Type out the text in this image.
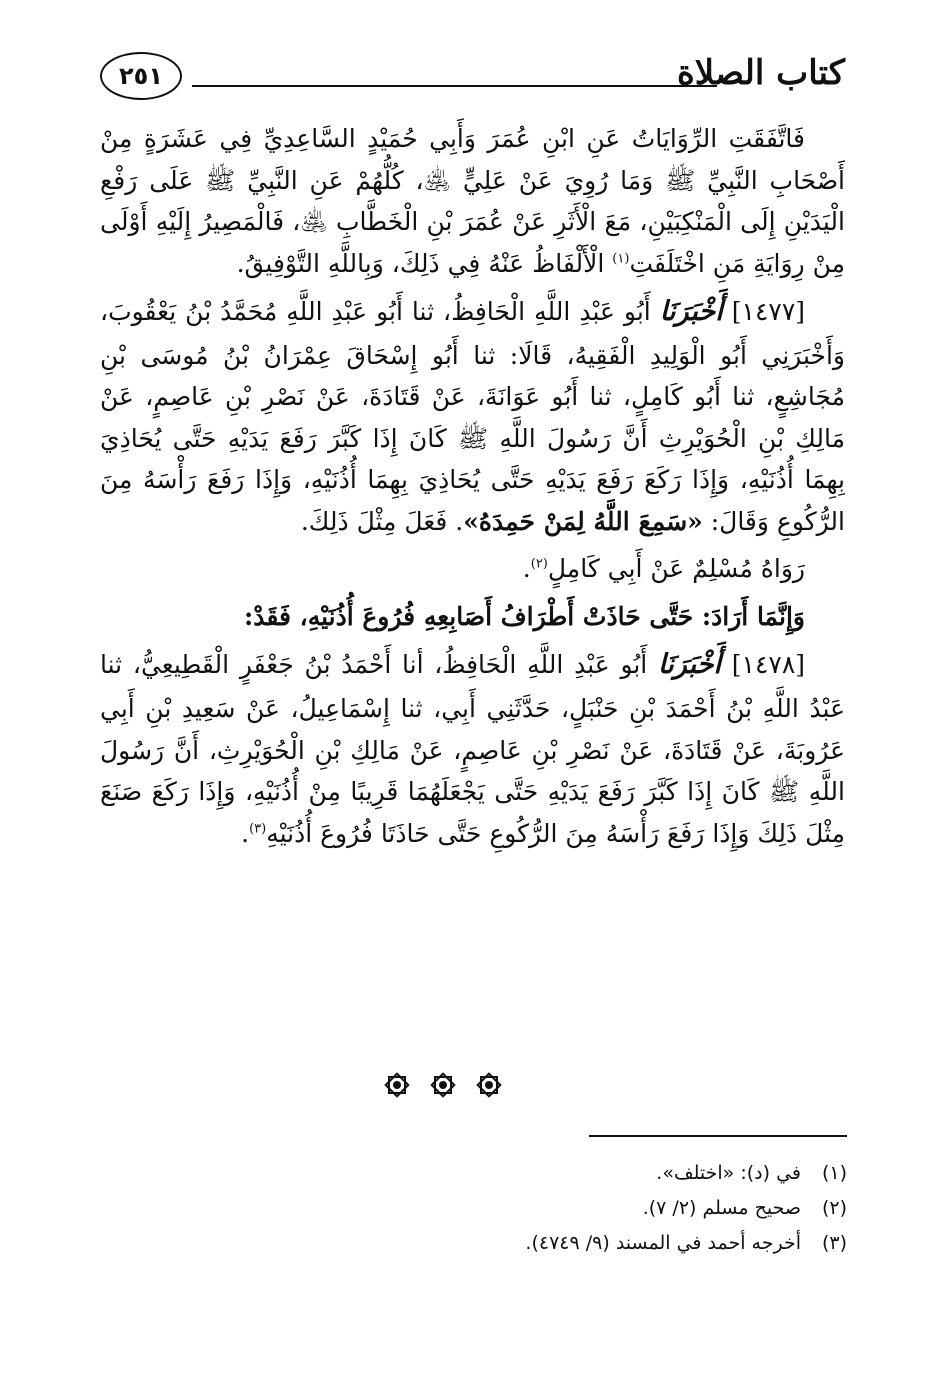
كتاب الصلاة
٢٥١

فَاتَّفَقَتِ الرِّوَايَاتُ عَنِ ابْنِ عُمَرَ وَأَبِي حُمَيْدٍ السَّاعِدِيِّ فِي عَشَرَةٍ مِنْ أَصْحَابِ النَّبِيِّ ﷺ وَمَا رُوِيَ عَنْ عَلِيٍّ ﵁، كُلُّهُمْ عَنِ النَّبِيِّ ﷺ عَلَى رَفْعِ الْيَدَيْنِ إِلَى الْمَنْكِبَيْنِ، مَعَ الْأَثَرِ عَنْ عُمَرَ بْنِ الْخَطَّابِ ﵁، فَالْمَصِيرُ إِلَيْهِ أَوْلَى مِنْ رِوَايَةِ مَنِ اخْتَلَفَتِ$^{(١)}$ الْأَلْفَاظُ عَنْهُ فِي ذَلِكَ، وَبِاللَّهِ التَّوْفِيقُ.

[١٤٧٧] أَخْبَرَنَا أَبُو عَبْدِ اللَّهِ الْحَافِظُ، ثنا أَبُو عَبْدِ اللَّهِ مُحَمَّدُ بْنُ يَعْقُوبَ، وَأَخْبَرَنِي أَبُو الْوَلِيدِ الْفَقِيهُ، قَالَا: ثنا أَبُو إِسْحَاقَ عِمْرَانُ بْنُ مُوسَى بْنِ مُجَاشِعٍ، ثنا أَبُو كَامِلٍ، ثنا أَبُو عَوَانَةَ، عَنْ قَتَادَةَ، عَنْ نَصْرِ بْنِ عَاصِمٍ، عَنْ مَالِكِ بْنِ الْحُوَيْرِثِ أَنَّ رَسُولَ اللَّهِ ﷺ كَانَ إِذَا كَبَّرَ رَفَعَ يَدَيْهِ حَتَّى يُحَاذِيَ بِهِمَا أُذُنَيْهِ، وَإِذَا رَكَعَ رَفَعَ يَدَيْهِ حَتَّى يُحَاذِيَ بِهِمَا أُذُنَيْهِ، وَإِذَا رَفَعَ رَأْسَهُ مِنَ الرُّكُوعِ وَقَالَ: «سَمِعَ اللَّهُ لِمَنْ حَمِدَهُ». فَعَلَ مِثْلَ ذَلِكَ.

رَوَاهُ مُسْلِمٌ عَنْ أَبِي كَامِلٍ$^{(٢)}$.

وَإِنَّمَا أَرَادَ: حَتَّى حَاذَتْ أَطْرَافُ أَصَابِعِهِ فُرُوعَ أُذُنَيْهِ، فَقَدْ:

[١٤٧٨] أَخْبَرَنَا أَبُو عَبْدِ اللَّهِ الْحَافِظُ، أنا أَحْمَدُ بْنُ جَعْفَرٍ الْقَطِيعِيُّ، ثنا عَبْدُ اللَّهِ بْنُ أَحْمَدَ بْنِ حَنْبَلٍ، حَدَّثَنِي أَبِي، ثنا إِسْمَاعِيلُ، عَنْ سَعِيدِ بْنِ أَبِي عَرُوبَةَ، عَنْ قَتَادَةَ، عَنْ نَصْرِ بْنِ عَاصِمٍ، عَنْ مَالِكِ بْنِ الْحُوَيْرِثِ، أَنَّ رَسُولَ اللَّهِ ﷺ كَانَ إِذَا كَبَّرَ رَفَعَ يَدَيْهِ حَتَّى يَجْعَلَهُمَا قَرِيبًا مِنْ أُذُنَيْهِ، وَإِذَا رَكَعَ صَنَعَ مِثْلَ ذَلِكَ وَإِذَا رَفَعَ رَأْسَهُ مِنَ الرُّكُوعِ حَتَّى حَاذَتَا فُرُوعَ أُذُنَيْهِ$^{(٣)}$.

(١)في (د): «اختلف».
(٢)صحيح مسلم (٢/ ٧).
(٣)أخرجه أحمد في المسند (٩/ ٤٧٤٩).
